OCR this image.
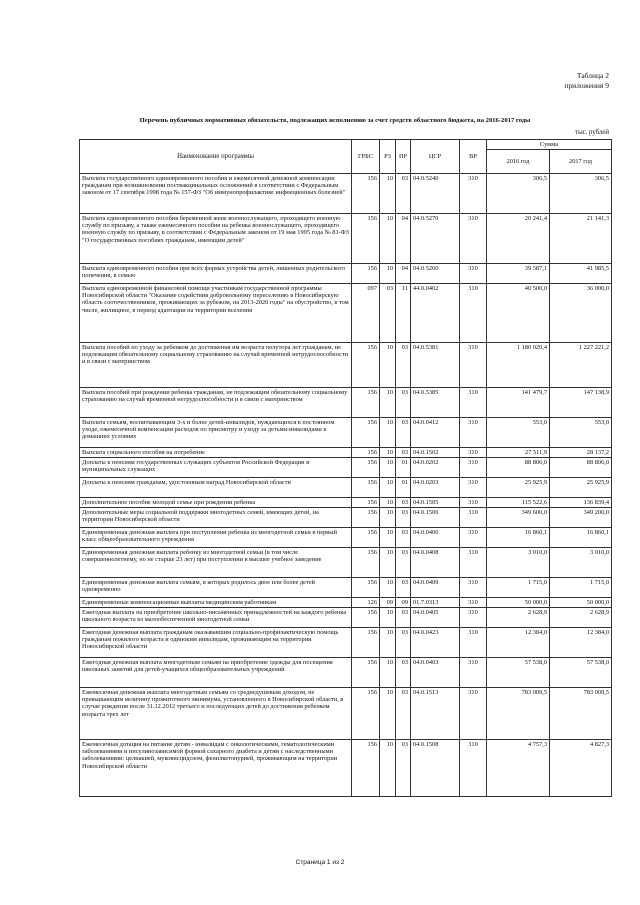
Таблица 2
приложения 9
Перечень публичных нормативных обязательств, подлежащих исполнению за счет средств областного бюджета, на 2016-2017 годы
тыс. рублей
Наименование программы	ГРБС	РЗ	ПР	ЦСР	ВР	Сумма	
						2016 год	2017 год
Выплата государственного единовременного пособия и ежемесячной денежной компенсации гражданам при возникновении поствакцинальных осложнений в соответствии с Федеральным законом от 17 сентября 1998 года № 157-ФЗ "Об иммунопрофилактике инфекционных болезней"	156	10	03	04.0.5240	310	306,5	306,5
Выплата единовременного пособия беременной жене военнослужащего, проходящего военную службу по призыву, а также ежемесячного пособия на ребенка военнослужащего, проходящего военную службу по призыву, в соответствии с Федеральным законом от 19 мая 1995 года № 81-ФЗ "О государственных пособиях гражданам, имеющим детей"	156	10	04	04.0.5270	310	20 241,4	21 141,3
Выплата единовременного пособия при всех формах устройства детей, лишенных родительского попечения, в семью	156	10	04	04.0.5260	310	39 587,1	41 985,5
Выплата единовременной финансовой помощи участникам государственной программы Новосибирской области "Оказание содействия добровольному переселению в Новосибирскую область соотечественников, проживающих за рубежом, на 2013-2020 годы" на обустройство, в том числе, жилищное, в период адаптации на территории вселения	097	03	11	44.0.0402	310	40 500,0	36 000,0
Выплата пособий по уходу за ребенком до достижения им возраста полутора лет гражданам, не подлежащим обязательному социальному страхованию на случай временной нетрудоспособности и в связи с материнством	156	10	03	04.0.5381	310	1 180 020,4	1 227 221,2
Выплата пособий при рождении ребенка гражданам, не подлежащим обязательному социальному страхованию на случай временной нетрудоспособности и в связи с материнством	156	10	03	04.0.5385	310	141 479,7	147 138,9
Выплата семьям, воспитывающим 3-х и более детей-инвалидов, нуждающихся в постоянном уходе, ежемесячной компенсации расходов по присмотру и уходу за детьми-инвалидами в домашних условиях	156	10	03	04.0.0412	310	553,0	553,0
Выплата социального пособия на погребение	156	10	03	04.0.1502	310	27 511,9	28 137,2
Доплаты к пенсиям государственных служащих субъектов Российской Федерации и муниципальных служащих	156	10	01	04.0.0202	310	88 806,0	88 806,0
Доплаты к пенсиям гражданам, удостоенным наград Новосибирской области	156	10	01	04.0.0203	310	25 925,9	25 925,9
Дополнительное пособие молодой семье при рождении ребенка	156	10	03	04.0.1505	310	115 522,6	136 839,4
Дополнительные меры социальной поддержки многодетных семей, имеющих детей, на территории Новосибирской области	156	10	03	04.0.1506	310	349 600,0	349 200,0
Единовременная денежная выплата при поступлении ребенка из многодетной семьи в первый класс общеобразовательного учреждения	156	10	03	04.0.0406	310	16 860,1	16 860,1
Единовременная денежная выплата ребенку из многодетной семьи (в том числе совершеннолетнему, но не старше 23 лет) при поступлении в высшее учебное заведение	156	10	03	04.0.0408	310	3 010,0	3 010,0
Единовременная денежная выплата семьям, в которых родилось двое или более детей одновременно	156	10	03	04.0.0409	310	1 715,0	1 715,0
Единовременные компенсационные выплаты медицинским работникам	126	09	09	01.7.0313	310	50 000,0	50 000,0
Ежегодная выплата на приобретение школьно-письменных принадлежностей на каждого ребенка школьного возраста из малообеспеченной многодетной семьи	156	10	03	04.0.0405	310	2 628,9	2 628,9
Ежегодная денежная выплата гражданам оказывавшим социально-профилактическую помощь гражданам пожилого возраста и одиноким инвалидам, проживающим на территории Новосибирской области	156	10	03	04.0.0423	310	12 384,0	12 384,0
Ежегодная денежная выплата многодетным семьям на приобретение одежды для посещения школьных занятий для детей-учащихся общеобразовательных учреждений	156	10	03	04.0.0403	310	57 538,0	57 538,0
Ежемесячная денежная выплата многодетным семьям со среднедушевым доходом, не превышающим величину прожиточного минимума, установленного в Новосибирской области, в случае рождения после 31.12.2012 третьего и последующих детей до достижения ребенком возраста трех лет	156	10	03	04.0.1513	310	783 009,5	783 009,5
Ежемесячная дотация на питание детям - инвалидам с онкологическими, гематологическими заболеваниями и инсулинозависимой формой сахарного диабета и детям с наследственными заболеваниями: целиакией, муковисцидозом, фенилкетонурией, проживающим на территории Новосибирской области	156	10	03	04.0.1508	310	4 757,3	4 827,3
Страница 1 из 2
